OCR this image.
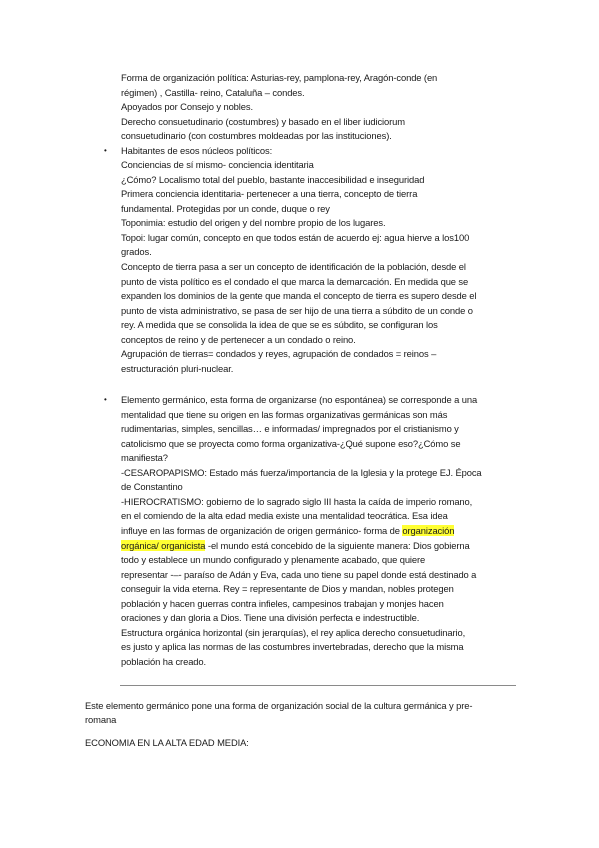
Forma de organización política: Asturias-rey, pamplona-rey, Aragón-conde (en
régimen) , Castilla- reino, Cataluña – condes.
Apoyados por Consejo y nobles.
Derecho consuetudinario (costumbres) y basado en el liber iudiciorum
consuetudinario (con costumbres moldeadas por las instituciones).
• Habitantes de esos núcleos políticos:
Conciencias de sí mismo- conciencia identitaria
¿Cómo? Localismo total del pueblo, bastante inaccesibilidad e inseguridad
Primera conciencia identitaria- pertenecer a una tierra, concepto de tierra
fundamental. Protegidas por un conde, duque o rey
Toponimia: estudio del origen y del nombre propio de los lugares.
Topoi: lugar común, concepto en que todos están de acuerdo ej: agua hierve a los100
grados.
Concepto de tierra pasa a ser un concepto de identificación de la población, desde el
punto de vista político es el condado el que marca la demarcación. En medida que se
expanden los dominios de la gente que manda el concepto de tierra es supero desde el
punto de vista administrativo, se pasa de ser hijo de una tierra a súbdito de un conde o
rey. A medida que se consolida la idea de que se es súbdito, se configuran los
conceptos de reino y de pertenecer a un condado o reino.
Agrupación de tierras= condados y reyes, agrupación de condados = reinos –
estructuración pluri-nuclear.
• Elemento germánico, esta forma de organizarse (no espontánea) se corresponde a una
mentalidad que tiene su origen en las formas organizativas germánicas son más
rudimentarias, simples, sencillas… e informadas/ impregnados por el cristianismo y
catolicismo que se proyecta como forma organizativa-¿Qué supone eso?¿Cómo se
manifiesta?
-CESAROPAPISMO: Estado más fuerza/importancia de la Iglesia y la protege EJ. Época
de Constantino
-HIEROCRATISMO: gobierno de lo sagrado siglo III hasta la caída de imperio romano,
en el comiendo de la alta edad media existe una mentalidad teocrática. Esa idea
influye en las formas de organización de origen germánico- forma de organización
orgánica/ organicista -el mundo está concebido de la siguiente manera: Dios gobierna
todo y establece un mundo configurado y plenamente acabado, que quiere
representar -–- paraíso de Adán y Eva, cada uno tiene su papel donde está destinado a
conseguir la vida eterna. Rey = representante de Dios y mandan, nobles protegen
población y hacen guerras contra infieles, campesinos trabajan y monjes hacen
oraciones y dan gloria a Dios. Tiene una división perfecta e indestructible.
Estructura orgánica horizontal (sin jerarquías), el rey aplica derecho consuetudinario,
es justo y aplica las normas de las costumbres invertebradas, derecho que la misma
población ha creado.
Este elemento germánico pone una forma de organización social de la cultura germánica y pre-
romana
ECONOMIA EN LA ALTA EDAD MEDIA:
